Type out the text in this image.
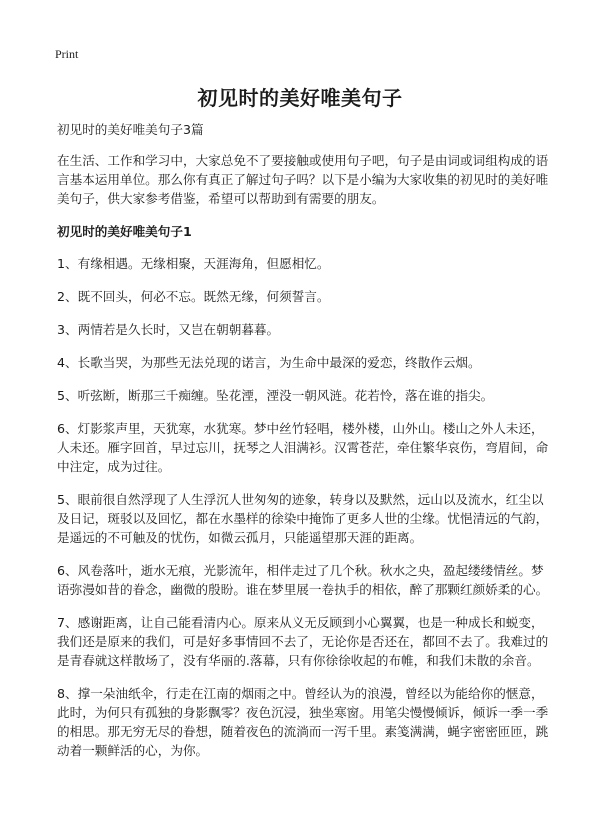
Print
初见时的美好唯美句子

初见时的美好唯美句子3篇

在生活、工作和学习中，大家总免不了要接触或使用句子吧，句子是由词或词组构成的语言基本运用单位。那么你有真正了解过句子吗？以下是小编为大家收集的初见时的美好唯美句子，供大家参考借鉴，希望可以帮助到有需要的朋友。

初见时的美好唯美句子1

1、有缘相遇。无缘相聚，天涯海角，但愿相忆。

2、既不回头，何必不忘。既然无缘，何须誓言。

3、两情若是久长时，又岂在朝朝暮暮。

4、长歌当哭，为那些无法兑现的诺言，为生命中最深的爱恋，终散作云烟。

5、听弦断，断那三千痴缠。坠花湮，湮没一朝风涟。花若怜，落在谁的指尖。

6、灯影浆声里，天犹寒，水犹寒。梦中丝竹轻唱，楼外楼，山外山。楼山之外人未还，人未还。雁字回首，早过忘川，抚琴之人泪满衫。汉霄苍茫，牵住繁华哀伤，弯眉间，命中注定，成为过往。

5、眼前很自然浮现了人生浮沉人世匆匆的迹象，转身以及默然，远山以及流水，红尘以及日记，斑驳以及回忆，都在水墨样的徐染中掩饰了更多人世的尘缘。忧悒清远的气韵，是遥远的不可触及的忧伤，如微云孤月，只能遥望那天涯的距离。

6、风卷落叶，逝水无痕，光影流年，相伴走过了几个秋。秋水之央，盈起缕缕情丝。梦语弥漫如昔的眷念，幽微的殷盼。谁在梦里展一卷执手的相依，醉了那颗红颜娇柔的心。

7、感谢距离，让自己能看清内心。原来从义无反顾到小心翼翼，也是一种成长和蜕变，我们还是原来的我们，可是好多事情回不去了，无论你是否还在，都回不去了。我难过的是青春就这样散场了，没有华丽的.落幕，只有你徐徐收起的布帷，和我们未散的余音。

8、撑一朵油纸伞，行走在江南的烟雨之中。曾经认为的浪漫，曾经以为能给你的惬意，此时，为何只有孤独的身影飘零？夜色沉浸，独坐寒窗。用笔尖慢慢倾诉，倾诉一季一季的相思。那无穷无尽的眷想，随着夜色的流淌而一泻千里。素笺满满，蝇字密密匝匝，跳动着一颗鲜活的心，为你。
